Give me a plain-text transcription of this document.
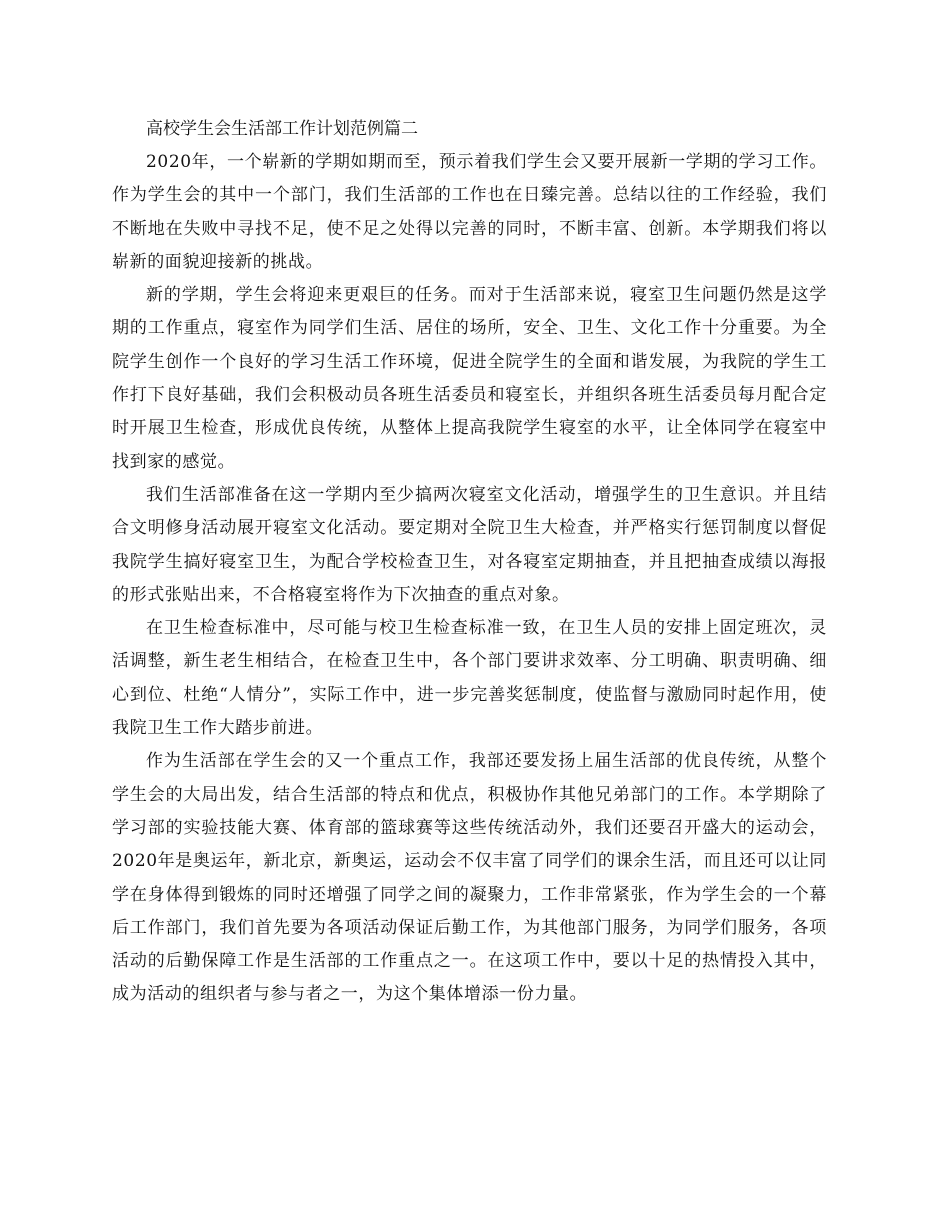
高校学生会生活部工作计划范例篇二

2020年，一个崭新的学期如期而至，预示着我们学生会又要开展新一学期的学习工作。作为学生会的其中一个部门，我们生活部的工作也在日臻完善。总结以往的工作经验，我们不断地在失败中寻找不足，使不足之处得以完善的同时，不断丰富、创新。本学期我们将以崭新的面貌迎接新的挑战。

新的学期，学生会将迎来更艰巨的任务。而对于生活部来说，寝室卫生问题仍然是这学期的工作重点，寝室作为同学们生活、居住的场所，安全、卫生、文化工作十分重要。为全院学生创作一个良好的学习生活工作环境，促进全院学生的全面和谐发展，为我院的学生工作打下良好基础，我们会积极动员各班生活委员和寝室长，并组织各班生活委员每月配合定时开展卫生检查，形成优良传统，从整体上提高我院学生寝室的水平，让全体同学在寝室中找到家的感觉。

我们生活部准备在这一学期内至少搞两次寝室文化活动，增强学生的卫生意识。并且结合文明修身活动展开寝室文化活动。要定期对全院卫生大检查，并严格实行惩罚制度以督促我院学生搞好寝室卫生，为配合学校检查卫生，对各寝室定期抽查，并且把抽查成绩以海报的形式张贴出来，不合格寝室将作为下次抽查的重点对象。

在卫生检查标准中，尽可能与校卫生检查标准一致，在卫生人员的安排上固定班次，灵活调整，新生老生相结合，在检查卫生中，各个部门要讲求效率、分工明确、职责明确、细心到位、杜绝“人情分”，实际工作中，进一步完善奖惩制度，使监督与激励同时起作用，使我院卫生工作大踏步前进。

作为生活部在学生会的又一个重点工作，我部还要发扬上届生活部的优良传统，从整个学生会的大局出发，结合生活部的特点和优点，积极协作其他兄弟部门的工作。本学期除了学习部的实验技能大赛、体育部的篮球赛等这些传统活动外，我们还要召开盛大的运动会，2020年是奥运年，新北京，新奥运，运动会不仅丰富了同学们的课余生活，而且还可以让同学在身体得到锻炼的同时还增强了同学之间的凝聚力，工作非常紧张，作为学生会的一个幕后工作部门，我们首先要为各项活动保证后勤工作，为其他部门服务，为同学们服务，各项活动的后勤保障工作是生活部的工作重点之一。在这项工作中，要以十足的热情投入其中，成为活动的组织者与参与者之一，为这个集体增添一份力量。
